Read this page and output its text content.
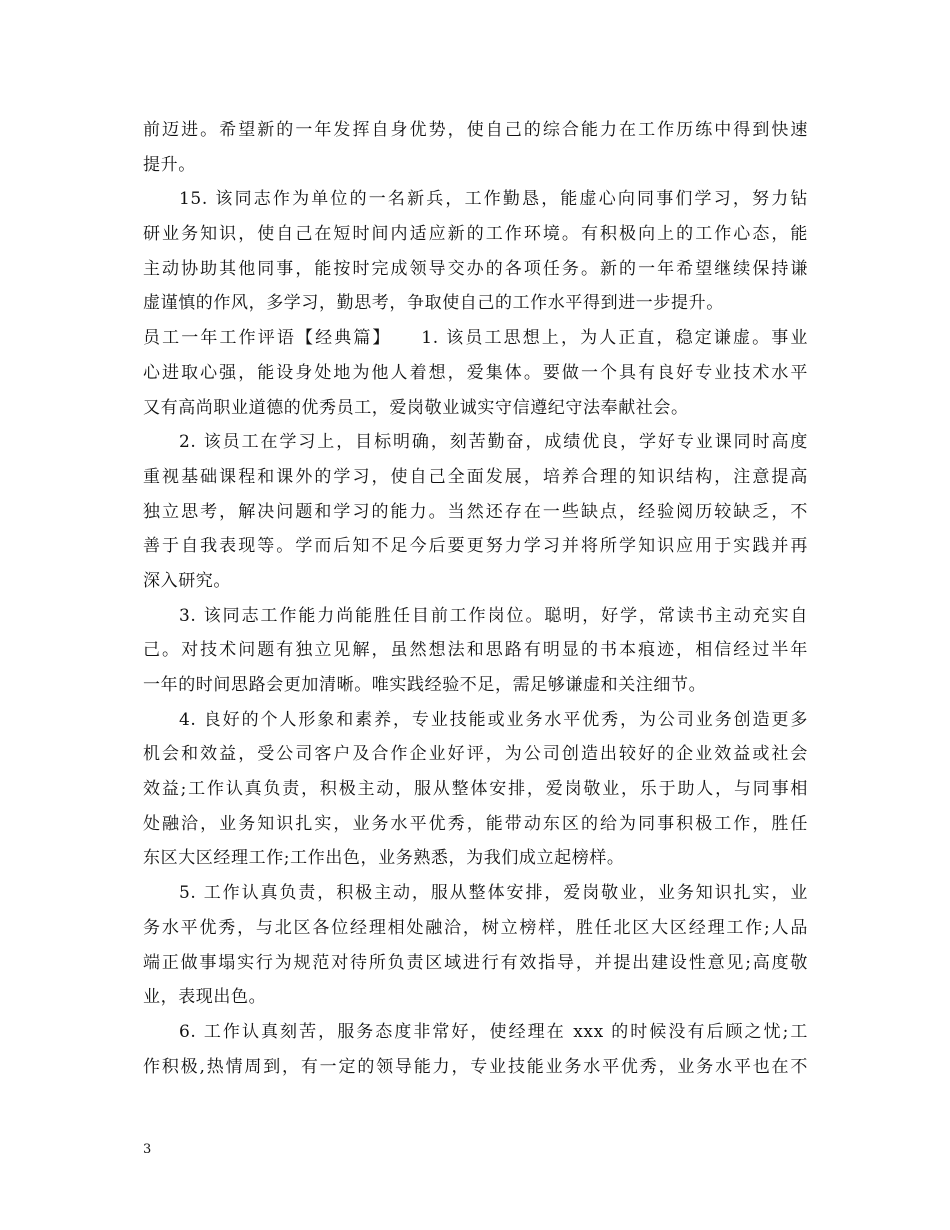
前迈进。希望新的一年发挥自身优势，使自己的综合能力在工作历练中得到快速
提升。
15. 该同志作为单位的一名新兵，工作勤恳，能虚心向同事们学习，努力钻
研业务知识，使自己在短时间内适应新的工作环境。有积极向上的工作心态，能
主动协助其他同事，能按时完成领导交办的各项任务。新的一年希望继续保持谦
虚谨慎的作风，多学习，勤思考，争取使自己的工作水平得到进一步提升。
员工一年工作评语【经典篇】　　1. 该员工思想上，为人正直，稳定谦虚。事业
心进取心强，能设身处地为他人着想，爱集体。要做一个具有良好专业技术水平
又有高尚职业道德的优秀员工，爱岗敬业诚实守信遵纪守法奉献社会。
2. 该员工在学习上，目标明确，刻苦勤奋，成绩优良，学好专业课同时高度
重视基础课程和课外的学习，使自己全面发展，培养合理的知识结构，注意提高
独立思考，解决问题和学习的能力。当然还存在一些缺点，经验阅历较缺乏，不
善于自我表现等。学而后知不足今后要更努力学习并将所学知识应用于实践并再
深入研究。
3. 该同志工作能力尚能胜任目前工作岗位。聪明，好学，常读书主动充实自
己。对技术问题有独立见解，虽然想法和思路有明显的书本痕迹，相信经过半年
一年的时间思路会更加清晰。唯实践经验不足，需足够谦虚和关注细节。
4. 良好的个人形象和素养，专业技能或业务水平优秀，为公司业务创造更多
机会和效益，受公司客户及合作企业好评，为公司创造出较好的企业效益或社会
效益;工作认真负责，积极主动，服从整体安排，爱岗敬业，乐于助人，与同事相
处融洽，业务知识扎实，业务水平优秀，能带动东区的给为同事积极工作，胜任
东区大区经理工作;工作出色，业务熟悉，为我们成立起榜样。
5. 工作认真负责，积极主动，服从整体安排，爱岗敬业，业务知识扎实，业
务水平优秀，与北区各位经理相处融洽，树立榜样，胜任北区大区经理工作;人品
端正做事塌实行为规范对待所负责区域进行有效指导，并提出建设性意见;高度敬
业，表现出色。
6. 工作认真刻苦，服务态度非常好，使经理在 xxx 的时候没有后顾之忧;工
作积极,热情周到，有一定的领导能力，专业技能业务水平优秀，业务水平也在不
3
